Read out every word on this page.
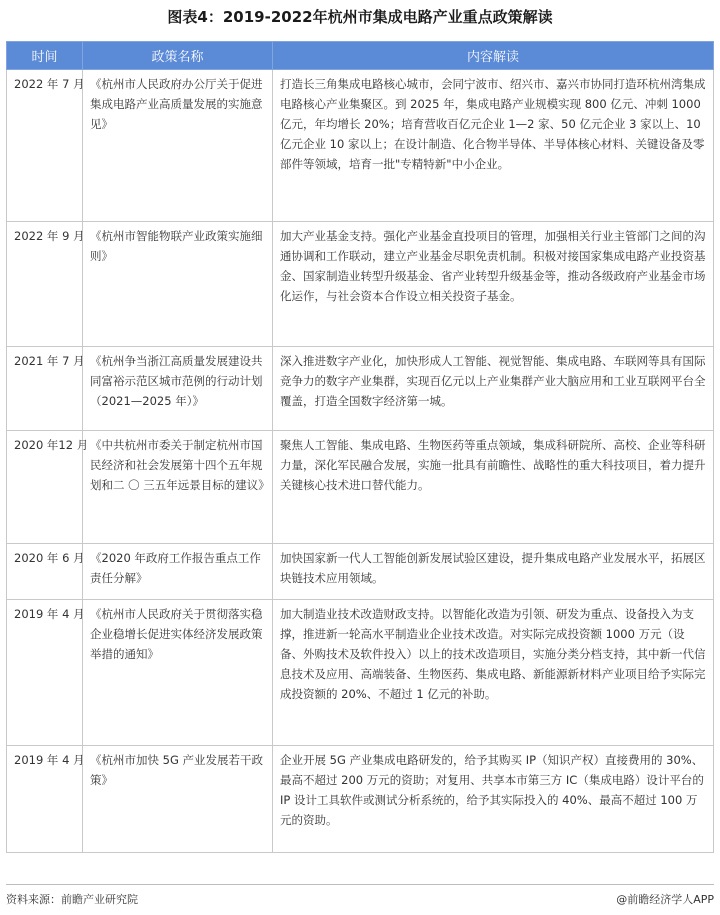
图表4：2019-2022年杭州市集成电路产业重点政策解读
时间	政策名称	内容解读
2022 年 7 月	《杭州市人民政府办公厅关于促进集成电路产业高质量发展的实施意见》	打造长三角集成电路核心城市，会同宁波市、绍兴市、嘉兴市协同打造环杭州湾集成电路核心产业集聚区。到 2025 年，集成电路产业规模实现 800 亿元、冲刺 1000 亿元，年均增长 20%；培育营收百亿元企业 1—2 家、50 亿元企业 3 家以上、10 亿元企业 10 家以上；在设计制造、化合物半导体、半导体核心材料、关键设备及零部件等领域，培育一批"专精特新"中小企业。
2022 年 9 月	《杭州市智能物联产业政策实施细则》	加大产业基金支持。强化产业基金直投项目的管理，加强相关行业主管部门之间的沟通协调和工作联动，建立产业基金尽职免责机制。积极对接国家集成电路产业投资基金、国家制造业转型升级基金、省产业转型升级基金等，推动各级政府产业基金市场化运作，与社会资本合作设立相关投资子基金。
2021 年 7 月	《杭州争当浙江高质量发展建设共同富裕示范区城市范例的行动计划（2021—2025 年）》	深入推进数字产业化，加快形成人工智能、视觉智能、集成电路、车联网等具有国际竞争力的数字产业集群，实现百亿元以上产业集群产业大脑应用和工业互联网平台全覆盖，打造全国数字经济第一城。
2020 年12 月	《中共杭州市委关于制定杭州市国民经济和社会发展第十四个五年规划和二 〇 三五年远景目标的建议》	聚焦人工智能、集成电路、生物医药等重点领域，集成科研院所、高校、企业等科研力量，深化军民融合发展，实施一批具有前瞻性、战略性的重大科技项目，着力提升关键核心技术进口替代能力。
2020 年 6 月	《2020 年政府工作报告重点工作责任分解》	加快国家新一代人工智能创新发展试验区建设，提升集成电路产业发展水平，拓展区块链技术应用领域。
2019 年 4 月	《杭州市人民政府关于贯彻落实稳企业稳增长促进实体经济发展政策举措的通知》	加大制造业技术改造财政支持。以智能化改造为引领、研发为重点、设备投入为支撑，推进新一轮高水平制造业企业技术改造。对实际完成投资额 1000 万元（设备、外购技术及软件投入）以上的技术改造项目，实施分类分档支持，其中新一代信息技术及应用、高端装备、生物医药、集成电路、新能源新材料产业项目给予实际完成投资额的 20%、不超过 1 亿元的补助。
2019 年 4 月	《杭州市加快 5G 产业发展若干政策》	企业开展 5G 产业集成电路研发的，给予其购买 IP（知识产权）直接费用的 30%、最高不超过 200 万元的资助；对复用、共享本市第三方 IC（集成电路）设计平台的 IP 设计工具软件或测试分析系统的，给予其实际投入的 40%、最高不超过 100 万元的资助。
资料来源：前瞻产业研究院	@前瞻经济学人APP
